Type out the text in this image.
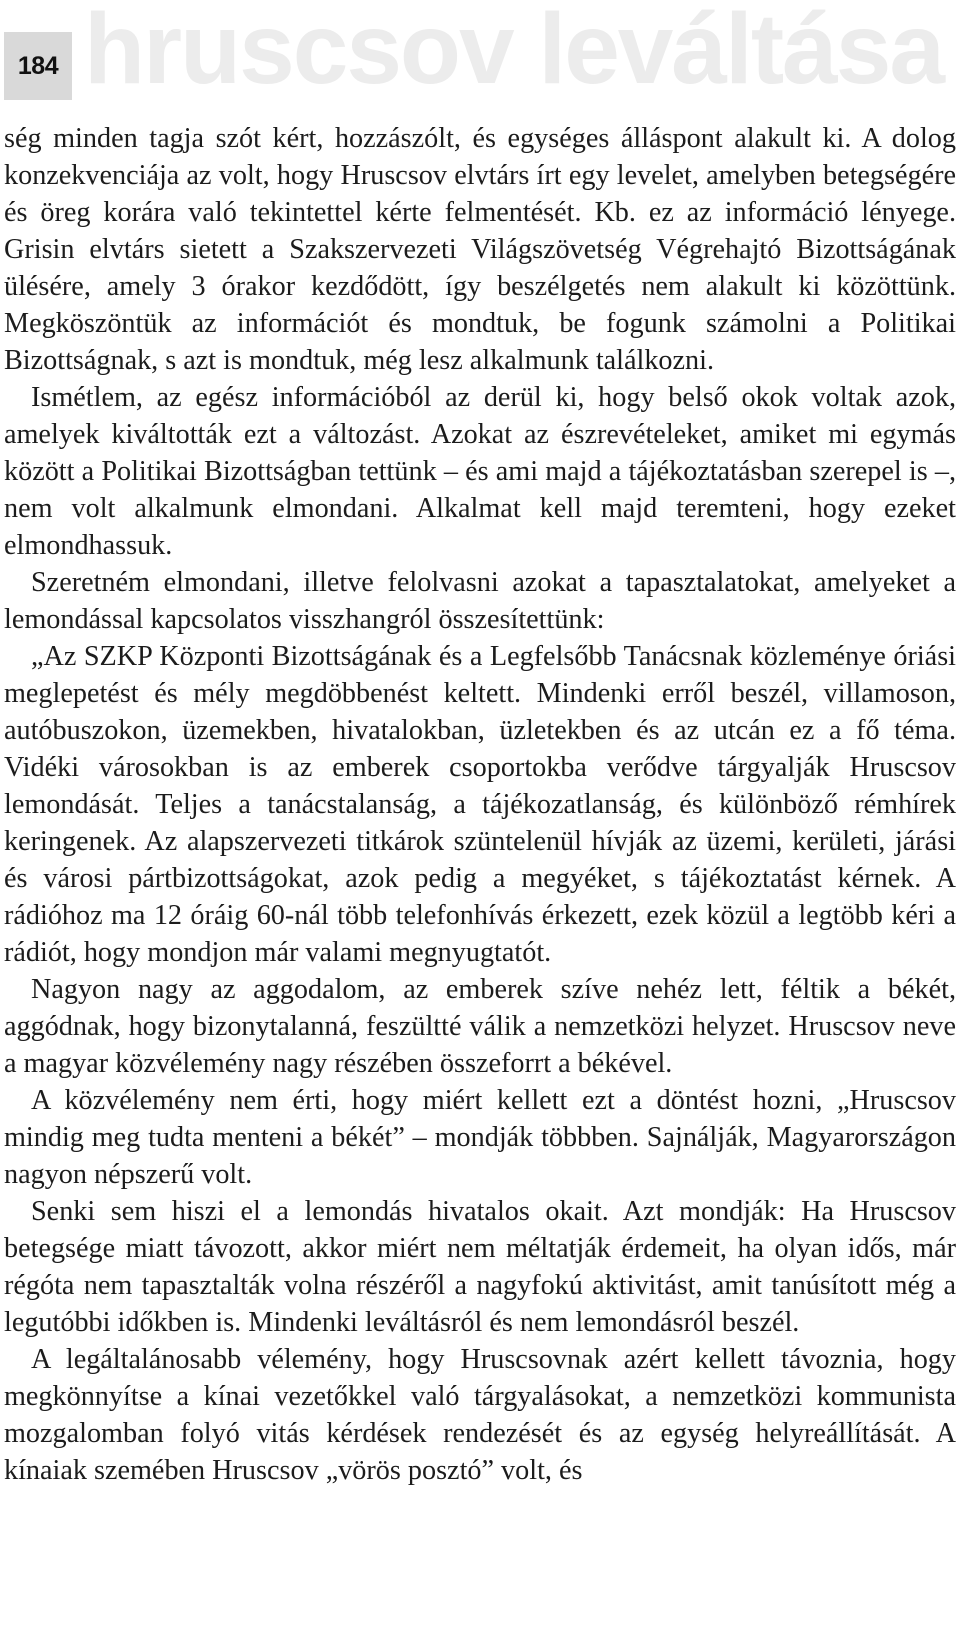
184 hruscsov leváltása

ség minden tagja szót kért, hozzászólt, és egységes álláspont alakult ki. A dolog konzekvenciája az volt, hogy Hruscsov elvtárs írt egy levelet, amelyben betegségére és öreg korára való tekintettel kérte felmentését. Kb. ez az információ lényege. Grisin elvtárs sietett a Szakszervezeti Világszövetség Végrehajtó Bizottságának ülésére, amely 3 órakor kezdődött, így beszélgetés nem alakult ki közöttünk. Megköszöntük az információt és mondtuk, be fogunk számolni a Politikai Bizottságnak, s azt is mondtuk, még lesz alkalmunk találkozni.

Ismétlem, az egész információból az derül ki, hogy belső okok voltak azok, amelyek kiváltották ezt a változást. Azokat az észrevételeket, amiket mi egymás között a Politikai Bizottságban tettünk – és ami majd a tájékoztatásban szerepel is –, nem volt alkalmunk elmondani. Alkalmat kell majd teremteni, hogy ezeket elmondhassuk.

Szeretném elmondani, illetve felolvasni azokat a tapasztalatokat, amelyeket a lemondással kapcsolatos visszhangról összesítettünk:

„Az SZKP Központi Bizottságának és a Legfelsőbb Tanácsnak közleménye óriási meglepetést és mély megdöbbenést keltett. Mindenki erről beszél, villamoson, autóbuszokon, üzemekben, hivatalokban, üzletekben és az utcán ez a fő téma. Vidéki városokban is az emberek csoportokba verődve tárgyalják Hruscsov lemondását. Teljes a tanácstalanság, a tájékozatlanság, és különböző rémhírek keringenek. Az alapszervezeti titkárok szüntelenül hívják az üzemi, kerületi, járási és városi pártbizottságokat, azok pedig a megyéket, s tájékoztatást kérnek. A rádióhoz ma 12 óráig 60-nál több telefonhívás érkezett, ezek közül a legtöbb kéri a rádiót, hogy mondjon már valami megnyugtatót.

Nagyon nagy az aggodalom, az emberek szíve nehéz lett, féltik a békét, aggódnak, hogy bizonytalanná, feszültté válik a nemzetközi helyzet. Hruscsov neve a magyar közvélemény nagy részében összeforrt a békével.

A közvélemény nem érti, hogy miért kellett ezt a döntést hozni, „Hruscsov mindig meg tudta menteni a békét” – mondják többben. Sajnálják, Magyarországon nagyon népszerű volt.

Senki sem hiszi el a lemondás hivatalos okait. Azt mondják: Ha Hruscsov betegsége miatt távozott, akkor miért nem méltatják érdemeit, ha olyan idős, már régóta nem tapasztalták volna részéről a nagyfokú aktivitást, amit tanúsított még a legutóbbi időkben is. Mindenki leváltásról és nem lemondásról beszél.

A legáltalánosabb vélemény, hogy Hruscsovnak azért kellett távoznia, hogy megkönnyítse a kínai vezetőkkel való tárgyalásokat, a nemzetközi kommunista mozgalomban folyó vitás kérdések rendezését és az egység helyreállítását. A kínaiak szemében Hruscsov „vörös posztó” volt, és
